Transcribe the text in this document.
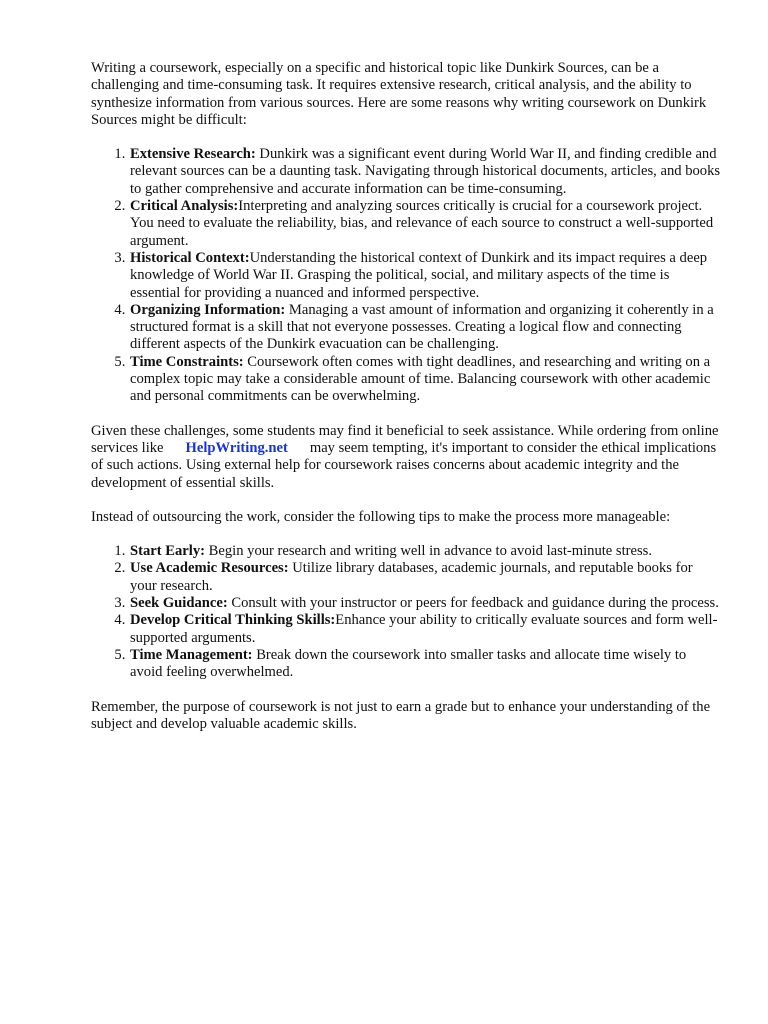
Writing a coursework, especially on a specific and historical topic like Dunkirk Sources, can be a challenging and time-consuming task. It requires extensive research, critical analysis, and the ability to synthesize information from various sources. Here are some reasons why writing coursework on Dunkirk Sources might be difficult:

1. Extensive Research: Dunkirk was a significant event during World War II, and finding credible and relevant sources can be a daunting task. Navigating through historical documents, articles, and books to gather comprehensive and accurate information can be time-consuming.
2. Critical Analysis:Interpreting and analyzing sources critically is crucial for a coursework project. You need to evaluate the reliability, bias, and relevance of each source to construct a well-supported argument.
3. Historical Context:Understanding the historical context of Dunkirk and its impact requires a deep knowledge of World War II. Grasping the political, social, and military aspects of the time is essential for providing a nuanced and informed perspective.
4. Organizing Information: Managing a vast amount of information and organizing it coherently in a structured format is a skill that not everyone possesses. Creating a logical flow and connecting different aspects of the Dunkirk evacuation can be challenging.
5. Time Constraints: Coursework often comes with tight deadlines, and researching and writing on a complex topic may take a considerable amount of time. Balancing coursework with other academic and personal commitments can be overwhelming.

Given these challenges, some students may find it beneficial to seek assistance. While ordering from online services like HelpWriting.net may seem tempting, it's important to consider the ethical implications of such actions. Using external help for coursework raises concerns about academic integrity and the development of essential skills.

Instead of outsourcing the work, consider the following tips to make the process more manageable:

1. Start Early: Begin your research and writing well in advance to avoid last-minute stress.
2. Use Academic Resources: Utilize library databases, academic journals, and reputable books for your research.
3. Seek Guidance: Consult with your instructor or peers for feedback and guidance during the process.
4. Develop Critical Thinking Skills:Enhance your ability to critically evaluate sources and form well-supported arguments.
5. Time Management: Break down the coursework into smaller tasks and allocate time wisely to avoid feeling overwhelmed.

Remember, the purpose of coursework is not just to earn a grade but to enhance your understanding of the subject and develop valuable academic skills.
